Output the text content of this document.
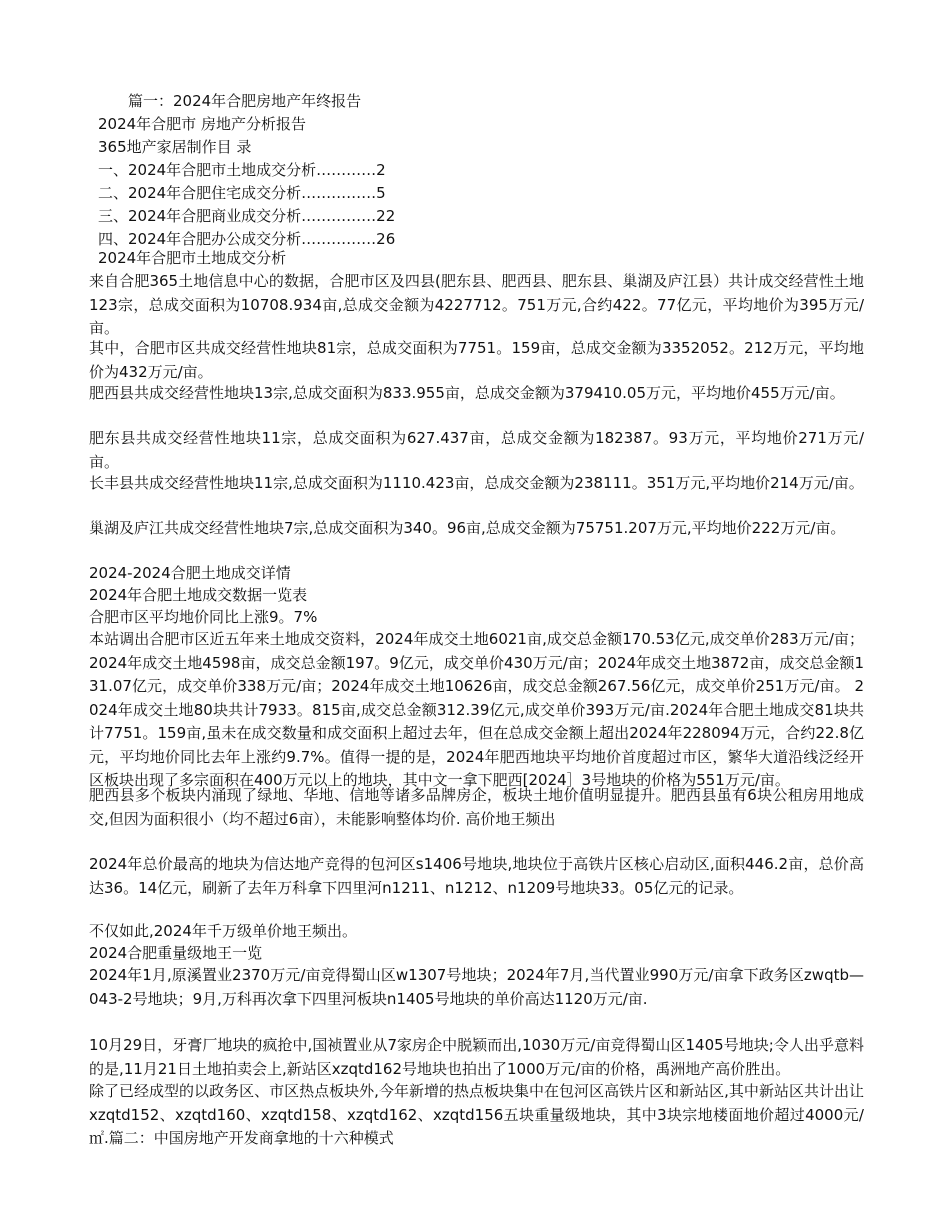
篇一：2024年合肥房地产年终报告
2024年合肥市 房地产分析报告
365地产家居制作目 录
一、2024年合肥市土地成交分析…………2
二、2024年合肥住宅成交分析……………5
三、2024年合肥商业成交分析……………22
四、2024年合肥办公成交分析……………26
2024年合肥市土地成交分析
来自合肥365土地信息中心的数据，合肥市区及四县(肥东县、肥西县、肥东县、巢湖及庐江县）共计成交经营性土地123宗，总成交面积为10708.934亩,总成交金额为4227712。751万元,合约422。77亿元，平均地价为395万元/亩。
其中，合肥市区共成交经营性地块81宗，总成交面积为7751。159亩，总成交金额为3352052。212万元，平均地价为432万元/亩。
肥西县共成交经营性地块13宗,总成交面积为833.955亩，总成交金额为379410.05万元，平均地价455万元/亩。
肥东县共成交经营性地块11宗，总成交面积为627.437亩，总成交金额为182387。93万元，平均地价271万元/亩。
长丰县共成交经营性地块11宗,总成交面积为1110.423亩，总成交金额为238111。351万元,平均地价214万元/亩。
巢湖及庐江共成交经营性地块7宗,总成交面积为340。96亩,总成交金额为75751.207万元,平均地价222万元/亩。
2024-2024合肥土地成交详情
2024年合肥土地成交数据一览表
合肥市区平均地价同比上涨9。7%
本站调出合肥市区近五年来土地成交资料，2024年成交土地6021亩,成交总金额170.53亿元,成交单价283万元/亩；2024年成交土地4598亩，成交总金额197。9亿元，成交单价430万元/亩；2024年成交土地3872亩，成交总金额131.07亿元，成交单价338万元/亩；2024年成交土地10626亩，成交总金额267.56亿元，成交单价251万元/亩。 2024年成交土地80块共计7933。815亩,成交总金额312.39亿元,成交单价393万元/亩.2024年合肥土地成交81块共计7751。159亩,虽未在成交数量和成交面积上超过去年，但在总成交金额上超出2024年228094万元，合约22.8亿元，平均地价同比去年上涨约9.7%。值得一提的是，2024年肥西地块平均地价首度超过市区，繁华大道沿线泛经开区板块出现了多宗面积在400万元以上的地块，其中文一拿下肥西[2024］3号地块的价格为551万元/亩。
肥西县多个板块内涌现了绿地、华地、信地等诸多品牌房企，板块土地价值明显提升。肥西县虽有6块公租房用地成交,但因为面积很小（均不超过6亩），未能影响整体均价. 高价地王频出
2024年总价最高的地块为信达地产竞得的包河区s1406号地块,地块位于高铁片区核心启动区,面积446.2亩，总价高达36。14亿元，刷新了去年万科拿下四里河n1211、n1212、n1209号地块33。05亿元的记录。
不仅如此,2024年千万级单价地王频出。
2024合肥重量级地王一览
2024年1月,原溪置业2370万元/亩竞得蜀山区w1307号地块；2024年7月,当代置业990万元/亩拿下政务区zwqtb—043-2号地块；9月,万科再次拿下四里河板块n1405号地块的单价高达1120万元/亩.
10月29日，牙膏厂地块的疯抢中,国祯置业从7家房企中脱颖而出,1030万元/亩竞得蜀山区1405号地块;令人出乎意料的是,11月21日土地拍卖会上,新站区xzqtd162号地块也拍出了1000万元/亩的价格，禹洲地产高价胜出。
除了已经成型的以政务区、市区热点板块外,今年新增的热点板块集中在包河区高铁片区和新站区,其中新站区共计出让xzqtd152、xzqtd160、xzqtd158、xzqtd162、xzqtd156五块重量级地块，其中3块宗地楼面地价超过4000元/㎡.篇二：中国房地产开发商拿地的十六种模式
